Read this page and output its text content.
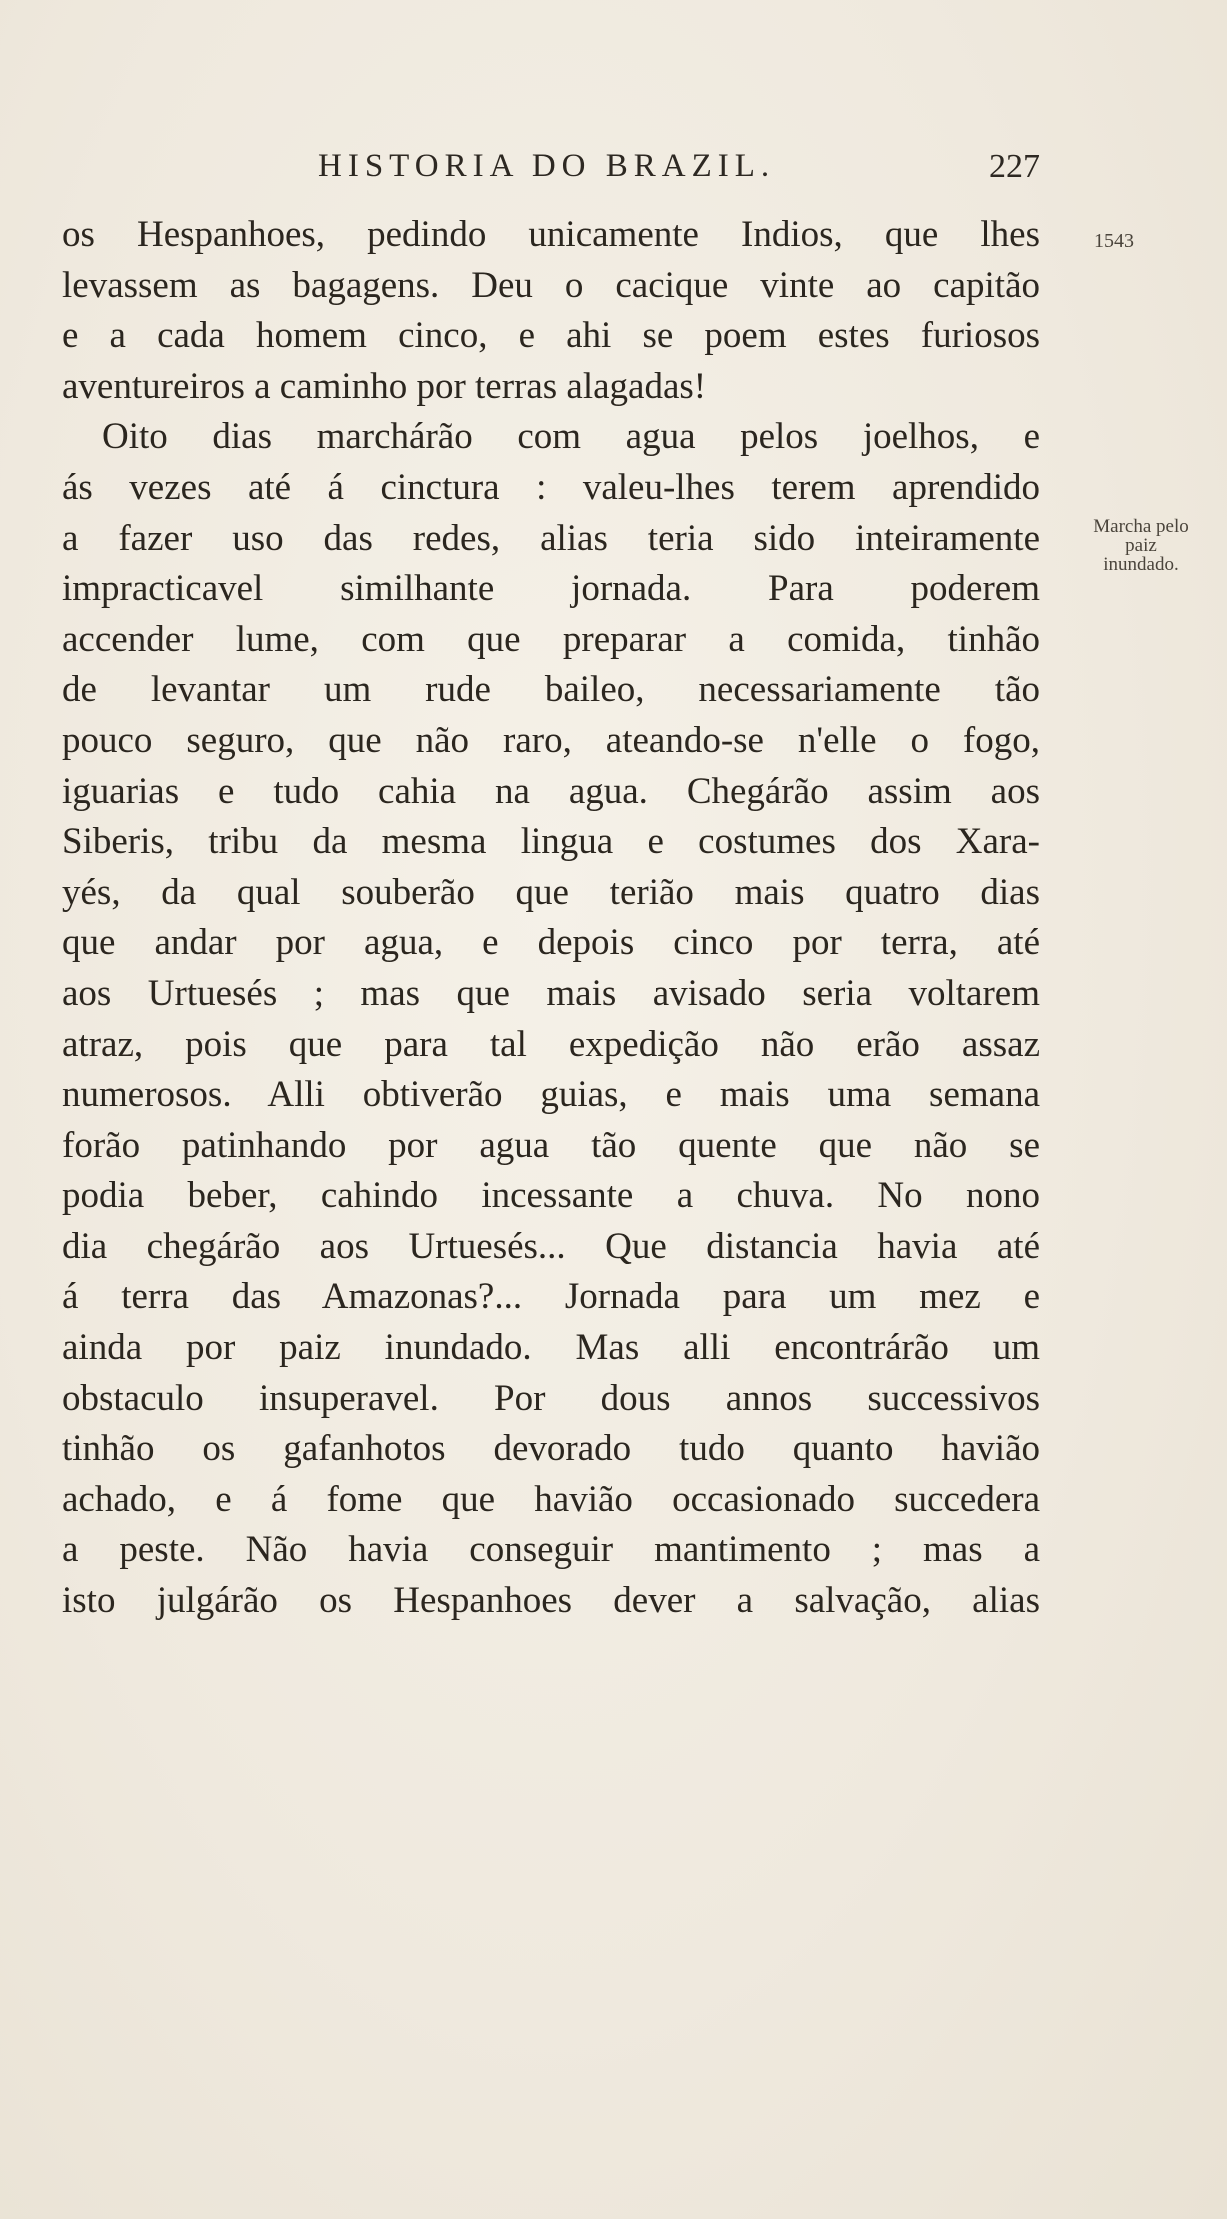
HISTORIA DO BRAZIL.	227
1543
Marcha pelo
paiz
inundado.
os Hespanhoes, pedindo unicamente Indios, que lhes
levassem as bagagens. Deu o cacique vinte ao capitão
e a cada homem cinco, e ahi se poem estes furiosos
aventureiros a caminho por terras alagadas!
Oito dias marchárão com agua pelos joelhos, e
ás vezes até á cinctura : valeu-lhes terem aprendido
a fazer uso das redes, alias teria sido inteiramente
impracticavel similhante jornada. Para poderem
accender lume, com que preparar a comida, tinhão
de levantar um rude baileo, necessariamente tão
pouco seguro, que não raro, ateando-se n'elle o fogo,
iguarias e tudo cahia na agua. Chegárão assim aos
Siberis, tribu da mesma lingua e costumes dos Xara-
yés, da qual souberão que terião mais quatro dias
que andar por agua, e depois cinco por terra, até
aos Urtuesés ; mas que mais avisado seria voltarem
atraz, pois que para tal expedição não erão assaz
numerosos. Alli obtiverão guias, e mais uma semana
forão patinhando por agua tão quente que não se
podia beber, cahindo incessante a chuva. No nono
dia chegárão aos Urtuesés... Que distancia havia até
á terra das Amazonas?... Jornada para um mez e
ainda por paiz inundado. Mas alli encontrárão um
obstaculo insuperavel. Por dous annos successivos
tinhão os gafanhotos devorado tudo quanto havião
achado, e á fome que havião occasionado succedera
a peste. Não havia conseguir mantimento ; mas a
isto julgárão os Hespanhoes dever a salvação, alias
